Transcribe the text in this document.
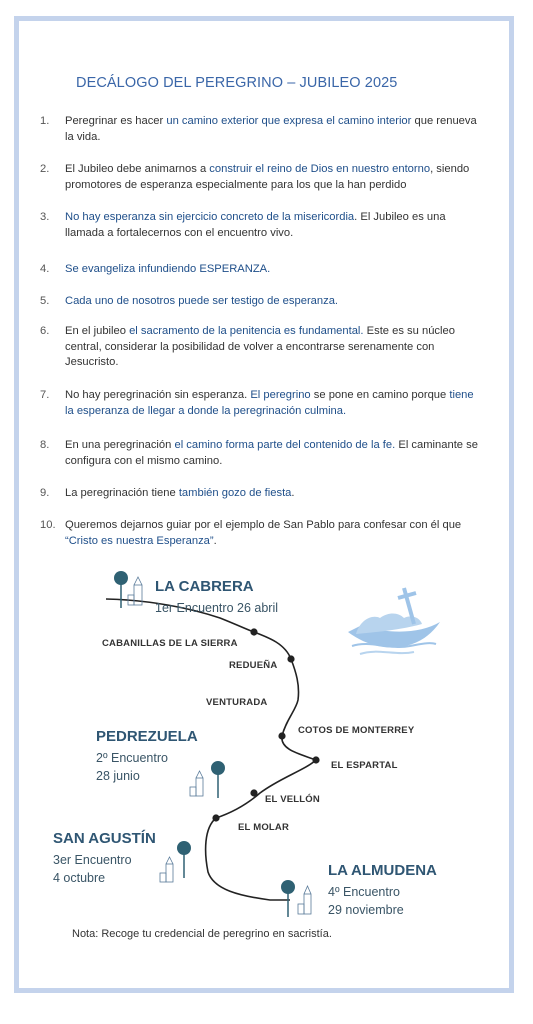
DECÁLOGO DEL PEREGRINO – JUBILEO 2025
1.	Peregrinar es hacer un camino exterior que expresa el camino interior que renueva la vida.
2.	El Jubileo debe animarnos a construir el reino de Dios en nuestro entorno, siendo promotores de esperanza especialmente para los que la han perdido
3.	No hay esperanza sin ejercicio concreto de la misericordia. El Jubileo es una llamada a fortalecernos con el encuentro vivo.
4.	Se evangeliza infundiendo ESPERANZA.
5.	Cada uno de nosotros puede ser testigo de esperanza.
6.	En el jubileo el sacramento de la penitencia es fundamental. Este es su núcleo central, considerar la posibilidad de volver a encontrarse serenamente con Jesucristo.
7.	No hay peregrinación sin esperanza. El peregrino se pone en camino porque tiene la esperanza de llegar a donde la peregrinación culmina.
8.	En una peregrinación el camino forma parte del contenido de la fe. El caminante se configura con el mismo camino.
9.	La peregrinación tiene también gozo de fiesta.
10. Queremos dejarnos guiar por el ejemplo de San Pablo para confesar con él que “Cristo es nuestra Esperanza”.
LA CABRERA
1er Encuentro 26 abril
PEDREZUELA
2º Encuentro
28 junio
SAN AGUSTÍN
3er Encuentro
4 octubre	LA ALMUDENA
4º Encuentro
29 noviembre
CABANILLAS DE LA SIERRA
REDUEÑA
VENTURADA
COTOS DE MONTERREY
EL ESPARTAL
EL VELLÓN
EL MOLAR
Nota: Recoge tu credencial de peregrino en sacristía.
